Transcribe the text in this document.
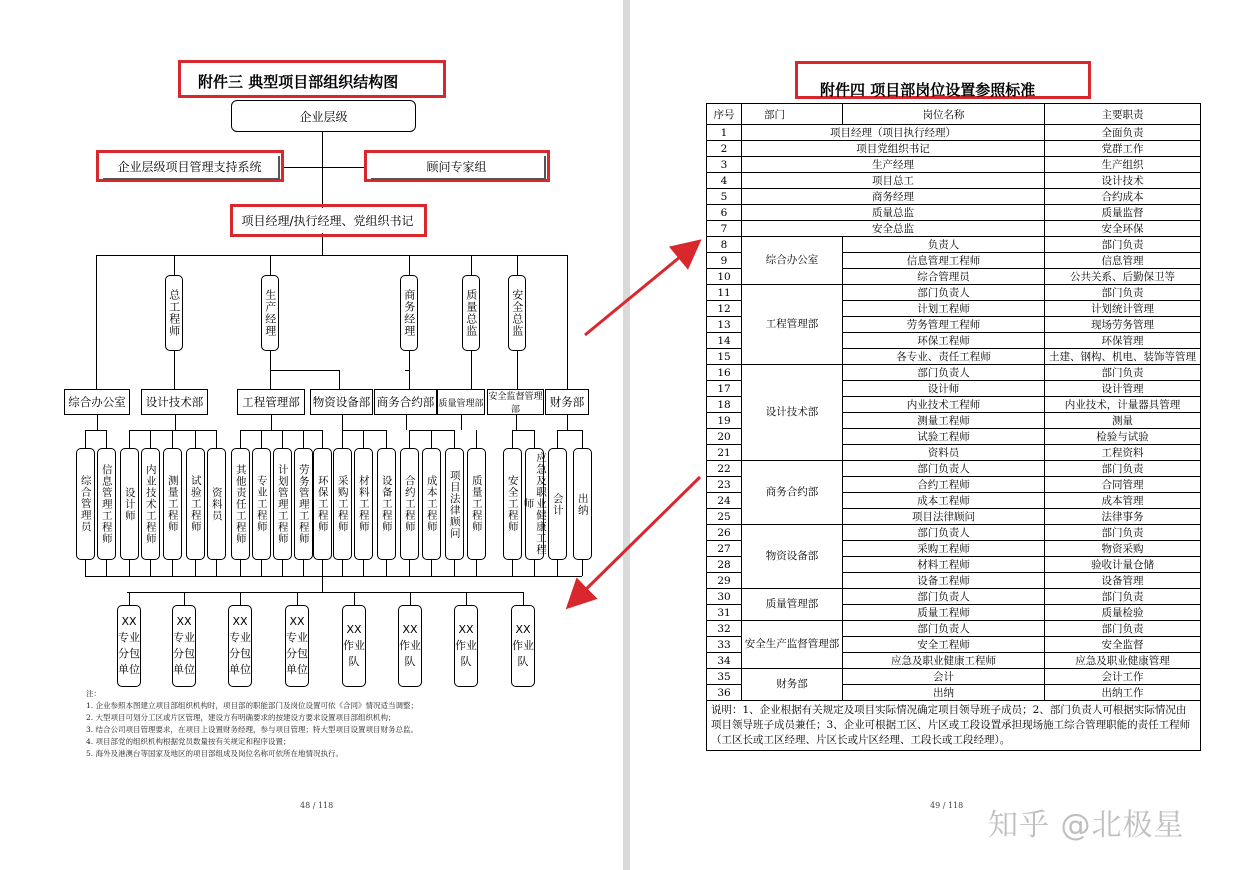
附件三 典型项目部组织结构图
企业层级
企业层级项目管理支持系统	顾问专家组
项目经理/执行经理、党组织书记
总工程师	生产经理	商务经理	质量总监	安全总监
综合办公室	设计技术部	工程管理部	物资设备部 商务合约部 质量管理部
安全监督管理部
财务部
综合管理员 信息管理工程师 设计师 内业技术工程师 测量工程师 试验工程师 资料员 其他责任工程师 专业工程师 计划管理工程师 劳务管理工程师 环保工程师 采购工程师 材料工程师 设备工程师 合约工程师 成本工程师 项目法律顾问 质量工程师 安全工程师	应急及职业健康工程师	会计 出纳
XX专业分包单位
XX专业分包单位
XX专业分包单位
XX专业分包单位
XX作业队
XX作业队
XX作业队
XX作业队
注：
1. 企业参照本图建立项目部组织机构时，项目部的职能部门及岗位设置可依《合同》情况适当调整；
2. 大型项目可划分工区或片区管理，建设方有明确要求的按建设方要求设置项目部组织机构；
3. 结合公司项目管理要求，在项目上设置财务经理，参与项目管理；特大型项目设置项目财务总监。
4. 项目部党的组织机构根据党员数量按有关规定和程序设置；
5. 海外及港澳台等国家及地区的项目部组成及岗位名称可依所在地情况执行。
48 / 118
附件四 项目部岗位设置参照标准
序号	部门	岗位名称	主要职责
1	项目经理（项目执行经理）		全面负责
2	项目党组织书记		党群工作
3	生产经理		生产组织
4	项目总工		设计技术
5	商务经理		合约成本
6	质量总监		质量监督
7	安全总监		安全环保
8	综合办公室	负责人	部门负责
9		信息管理工程师	信息管理
10		综合管理员	公共关系、后勤保卫等
11	工程管理部	部门负责人	部门负责
12		计划工程师	计划统计管理
13		劳务管理工程师	现场劳务管理
14		环保工程师	环保管理
15		各专业、责任工程师	土建、钢构、机电、装饰等管理
16	设计技术部	部门负责人	部门负责
17		设计师	设计管理
18		内业技术工程师	内业技术，计量器具管理
19		测量工程师	测量
20		试验工程师	检验与试验
21		资料员	工程资料
22	商务合约部	部门负责人	部门负责
23		合约工程师	合同管理
24		成本工程师	成本管理
25		项目法律顾问	法律事务
26	物资设备部	部门负责人	部门负责
27		采购工程师	物资采购
28		材料工程师	验收计量仓储
29		设备工程师	设备管理
30	质量管理部	部门负责人	部门负责
31		质量工程师	质量检验
32	安全生产监督管理部	部门负责人	部门负责
33		安全工程师	安全监督
34		应急及职业健康工程师	应急及职业健康管理
35	财务部	会计	会计工作
36		出纳	出纳工作
说明：1、企业根据有关规定及项目实际情况确定项目领导班子成员；2、部门负责人可根据实际情况由项目领导班子成员兼任；3、企业可根据工区、片区或工段设置承担现场施工综合管理职能的责任工程师（工区长或工区经理、片区长或片区经理、工段长或工段经理）。			
49 / 118
知乎 @北极星
